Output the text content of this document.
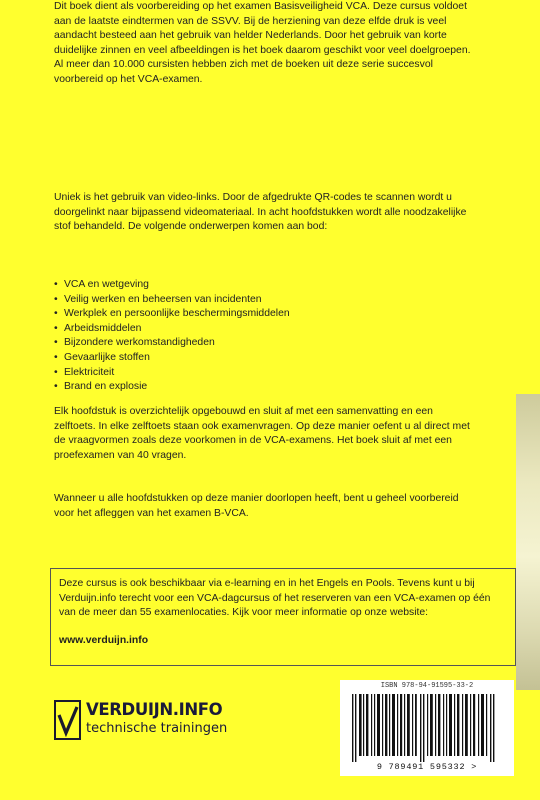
Dit boek dient als voorbereiding op het examen Basisveiligheid VCA. Deze cursus voldoet aan de laatste eindtermen van de SSVV. Bij de herziening van deze elfde druk is veel aandacht besteed aan het gebruik van helder Nederlands. Door het gebruik van korte duidelijke zinnen en veel afbeeldingen is het boek daarom geschikt voor veel doelgroepen. Al meer dan 10.000 cursisten hebben zich met de boeken uit deze serie succesvol voorbereid op het VCA-examen.

Uniek is het gebruik van video-links. Door de afgedrukte QR-codes te scannen wordt u doorgelinkt naar bijpassend videomateriaal. In acht hoofdstukken wordt alle noodzakelijke stof behandeld. De volgende onderwerpen komen aan bod:

• VCA en wetgeving
• Veilig werken en beheersen van incidenten
• Werkplek en persoonlijke beschermingsmiddelen
• Arbeidsmiddelen
• Bijzondere werkomstandigheden
• Gevaarlijke stoffen
• Elektriciteit
• Brand en explosie

Elk hoofdstuk is overzichtelijk opgebouwd en sluit af met een samenvatting en een zelftoets. In elke zelftoets staan ook examenvragen. Op deze manier oefent u al direct met de vraagvormen zoals deze voorkomen in de VCA-examens. Het boek sluit af met een proefexamen van 40 vragen.

Wanneer u alle hoofdstukken op deze manier doorlopen heeft, bent u geheel voorbereid voor het afleggen van het examen B-VCA.

Deze cursus is ook beschikbaar via e-learning en in het Engels en Pools. Tevens kunt u bij Verduijn.info terecht voor een VCA-dagcursus of het reserveren van een VCA-examen op één van de meer dan 55 examenlocaties. Kijk voor meer informatie op onze website:

www.verduijn.info

VERDUIJN.INFO
technische trainingen
ISBN 978-94-91595-33-2
9 789491 595332 >
